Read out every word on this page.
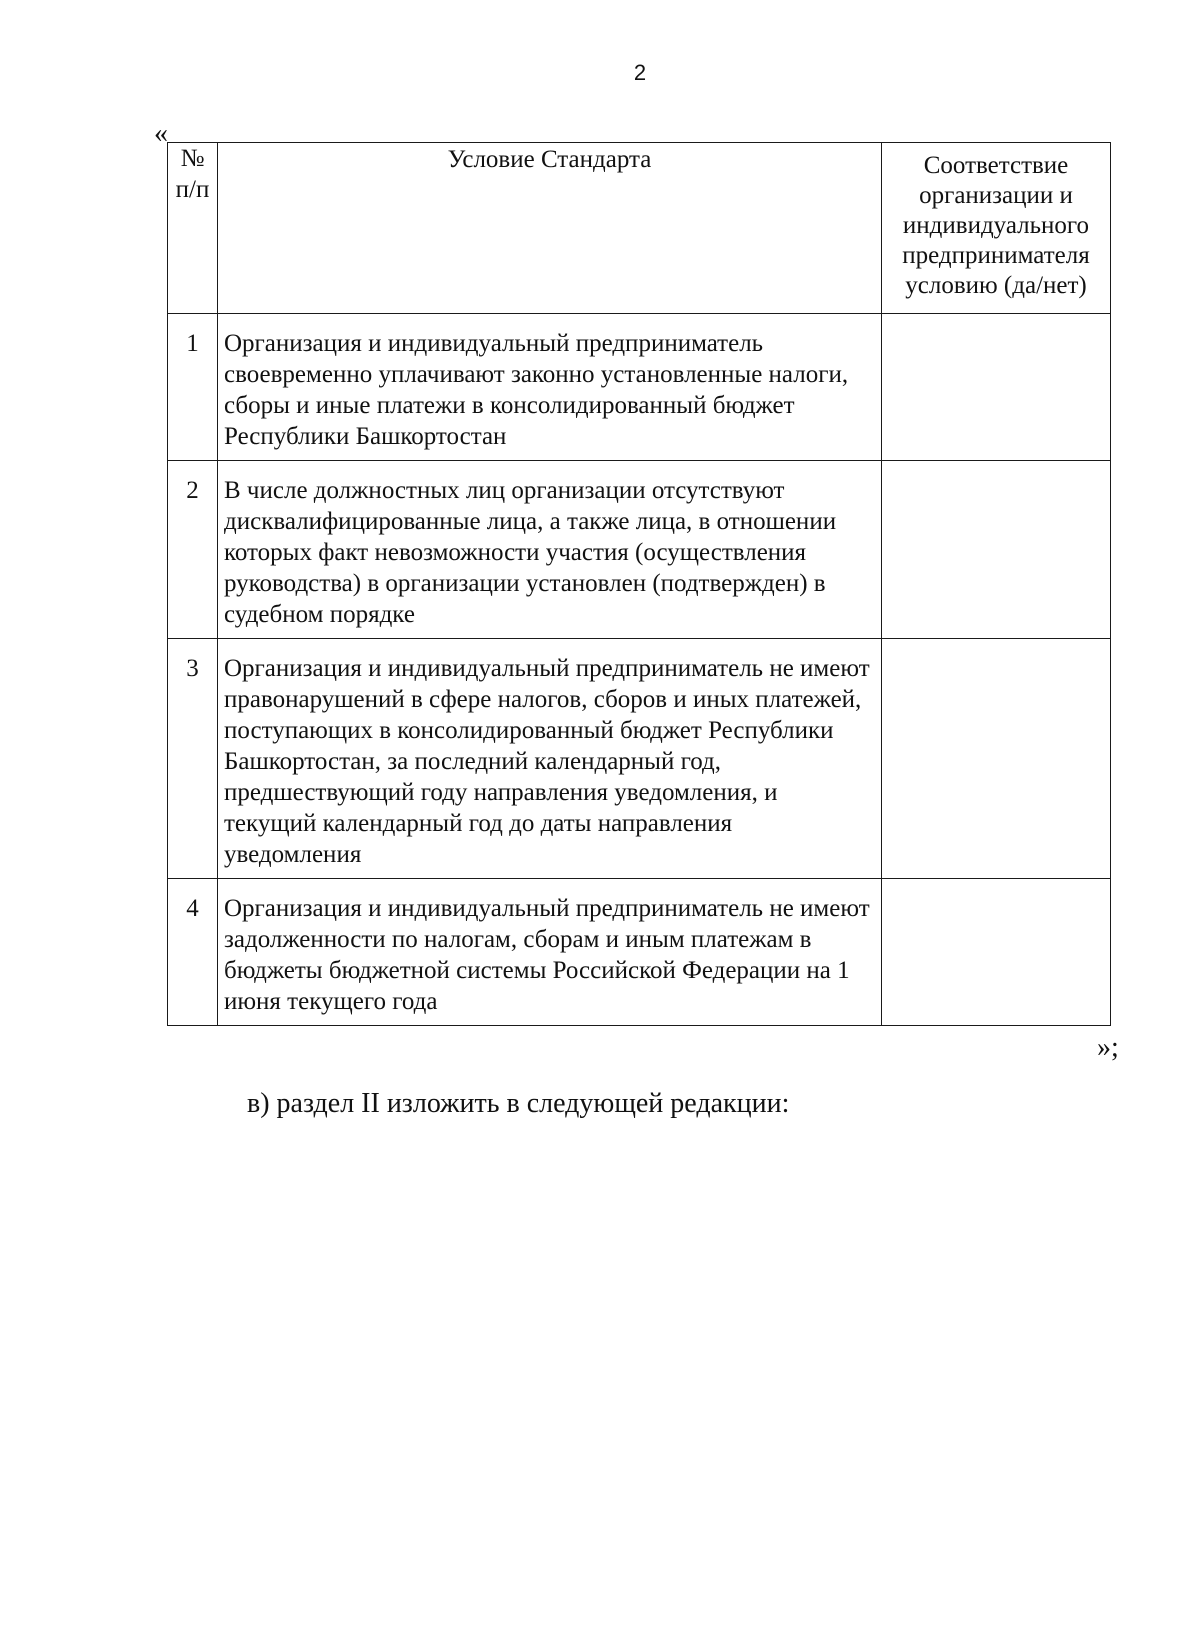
2
«
№ п/п	Условие Стандарта	Соответствие организации и индивидуального предпринимателя условию (да/нет)
1	Организация и индивидуальный предприниматель своевременно уплачивают законно установленные налоги, сборы и иные платежи в консолидированный бюджет Республики Башкортостан	
2	В числе должностных лиц организации отсутствуют дисквалифицированные лица, а также лица, в отношении которых факт невозможности участия (осуществления руководства) в организации установлен (подтвержден) в судебном порядке	
3	Организация и индивидуальный предприниматель не имеют правонарушений в сфере налогов, сборов и иных платежей, поступающих в консолидированный бюджет Республики Башкортостан, за последний календарный год, предшествующий году направления уведомления, и текущий календарный год до даты направления уведомления	
4	Организация и индивидуальный предприниматель не имеют задолженности по налогам, сборам и иным платежам в бюджеты бюджетной системы Российской Федерации на 1 июня текущего года	
»;
в) раздел II изложить в следующей редакции:
